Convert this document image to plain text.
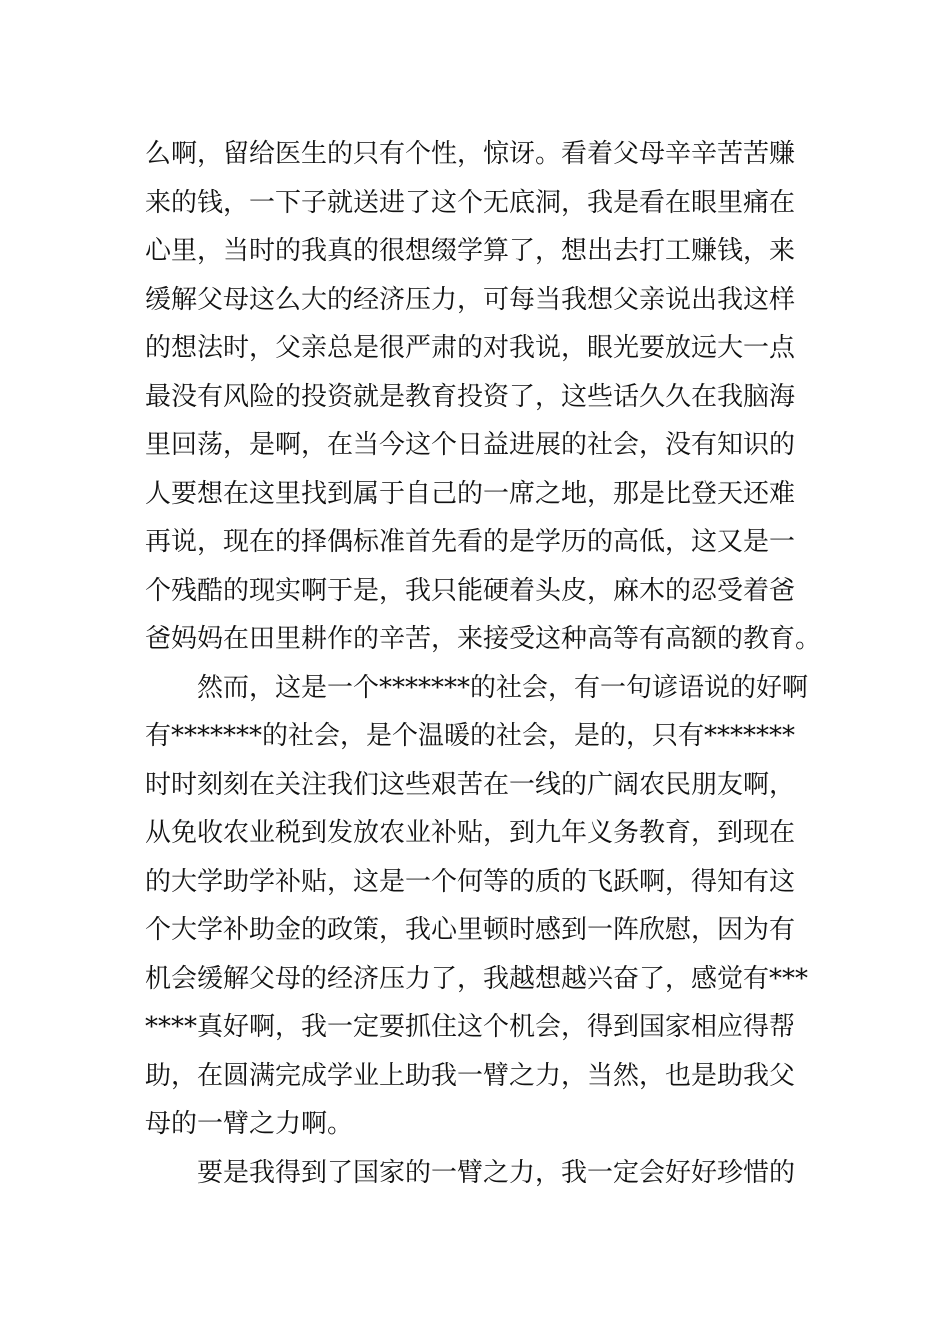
么啊，留给医生的只有个性，惊讶。看着父母辛辛苦苦赚
来的钱，一下子就送进了这个无底洞，我是看在眼里痛在
心里，当时的我真的很想缀学算了，想出去打工赚钱，来
缓解父母这么大的经济压力，可每当我想父亲说出我这样
的想法时，父亲总是很严肃的对我说，眼光要放远大一点
最没有风险的投资就是教育投资了，这些话久久在我脑海
里回荡，是啊，在当今这个日益进展的社会，没有知识的
人要想在这里找到属于自己的一席之地，那是比登天还难
再说，现在的择偶标准首先看的是学历的高低，这又是一
个残酷的现实啊于是，我只能硬着头皮，麻木的忍受着爸
爸妈妈在田里耕作的辛苦，来接受这种高等有高额的教育。
然而，这是一个*******的社会，有一句谚语说的好啊
有*******的社会，是个温暖的社会，是的，只有*******
时时刻刻在关注我们这些艰苦在一线的广阔农民朋友啊，
从免收农业税到发放农业补贴，到九年义务教育，到现在
的大学助学补贴，这是一个何等的质的飞跃啊，得知有这
个大学补助金的政策，我心里顿时感到一阵欣慰，因为有
机会缓解父母的经济压力了，我越想越兴奋了，感觉有***
****真好啊，我一定要抓住这个机会，得到国家相应得帮
助，在圆满完成学业上助我一臂之力，当然，也是助我父
母的一臂之力啊。
要是我得到了国家的一臂之力，我一定会好好珍惜的
